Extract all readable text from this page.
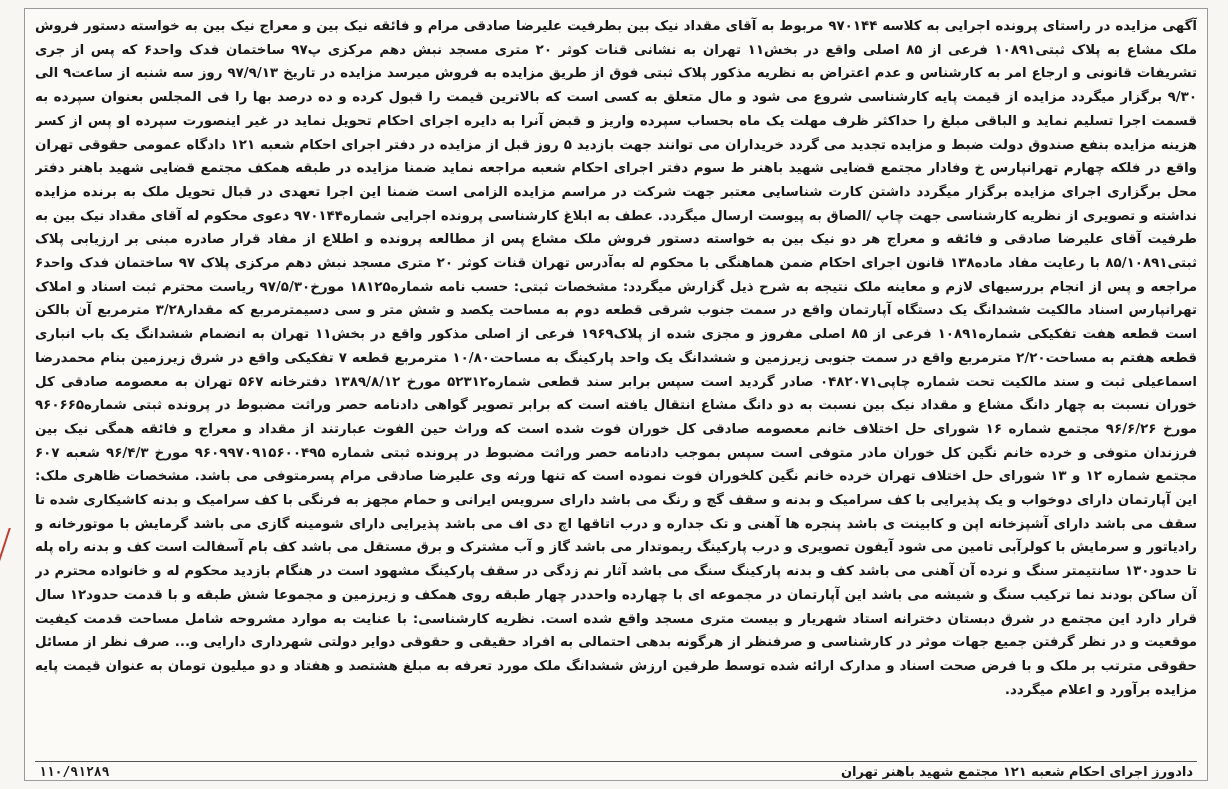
آگهی مزایده در راستای پرونده اجرایی به کلاسه ۹۷۰۱۴۴ مربوط به آقای مقداد نیک بین بطرفیت علیرضا صادقی مرام و فائقه نیک بین و معراج نیک بین به خواسته دستور فروش ملک مشاع به پلاک ثبتی۱۰۸۹۱ فرعی از ۸۵ اصلی واقع در بخش۱۱ تهران به نشانی قنات کوثر ۲۰ متری مسجد نبش دهم مرکزی پ۹۷ ساختمان فدک واحد۶ که پس از جری تشریفات قانونی و ارجاع امر به کارشناس و عدم اعتراض به نظریه مذکور پلاک ثبتی فوق از طریق مزایده به فروش میرسد مزایده در تاریخ ۹۷/۹/۱۳ روز سه شنبه از ساعت۹ الی ۹/۳۰ برگزار میگردد مزایده از قیمت پایه کارشناسی شروع می شود و مال متعلق به کسی است که بالاترین قیمت را قبول کرده و ده درصد بها را فی المجلس بعنوان سپرده به قسمت اجرا تسلیم نماید و الباقی مبلغ را حداکثر ظرف مهلت یک ماه بحساب سپرده واریز و قبض آنرا به دایره اجرای احکام تحویل نماید در غیر اینصورت سپرده او پس از کسر هزینه مزایده بنفع صندوق دولت ضبط و مزایده تجدید می گردد خریداران می توانند جهت بازدید ۵ روز قبل از مزایده در دفتر اجرای احکام شعبه ۱۲۱ دادگاه عمومی حقوقی تهران واقع در فلکه چهارم تهرانپارس خ وفادار مجتمع قضایی شهید باهنر ط سوم دفتر اجرای احکام شعبه مراجعه نماید ضمنا مزایده در طبقه همکف مجتمع قضایی شهید باهنر دفتر محل برگزاری اجرای مزایده برگزار میگردد داشتن کارت شناسایی معتبر جهت شرکت در مراسم مزایده الزامی است ضمنا این اجرا تعهدی در قبال تحویل ملک به برنده مزایده نداشته و تصویری از نظریه کارشناسی جهت چاپ /الصاق به پیوست ارسال میگردد. عطف به ابلاغ کارشناسی پرونده اجرایی شماره۹۷۰۱۴۴ دعوی محکوم له آقای مقداد نیک بین به طرفیت آقای علیرضا صادقی و فائقه و معراج هر دو نیک بین به خواسته دستور فروش ملک مشاع پس از مطالعه پرونده و اطلاع از مفاد قرار صادره مبنی بر ارزیابی پلاک ثبتی۸۵/۱۰۸۹۱ با رعایت مفاد ماده۱۳۸ قانون اجرای احکام ضمن هماهنگی با محکوم له به‌آدرس تهران قنات کوثر ۲۰ متری مسجد نبش دهم مرکزی پلاک ۹۷ ساختمان فدک واحد۶ مراجعه و پس از انجام بررسیهای لازم و معاینه ملک نتیجه به شرح ذیل گزارش میگردد: مشخصات ثبتی: حسب نامه شماره۱۸۱۲۵ مورخ۹۷/۵/۳۰ ریاست محترم ثبت اسناد و املاک تهرانپارس اسناد مالکیت ششدانگ یک دستگاه آپارتمان واقع در سمت جنوب شرقی قطعه دوم به مساحت یکصد و شش متر و سی دسیمترمربع که مقدار۳/۲۸ مترمربع آن بالکن است قطعه هفت تفکیکی شماره۱۰۸۹۱ فرعی از ۸۵ اصلی مفروز و مجزی شده از پلاک۱۹۶۹ فرعی از اصلی مذکور واقع در بخش۱۱ تهران به انضمام ششدانگ یک باب انباری قطعه هفتم به مساحت۲/۲۰ مترمربع واقع در سمت جنوبی زیرزمین و ششدانگ یک واحد پارکینگ به مساحت۱۰/۸۰ مترمربع قطعه ۷ تفکیکی واقع در شرق زیرزمین بنام محمدرضا اسماعیلی ثبت و سند مالکیت تحت شماره چاپی۰۴۸۲۰۷۱ صادر گردید است سپس برابر سند قطعی شماره۵۲۳۱۲ مورخ ۱۳۸۹/۸/۱۲ دفترخانه ۵۶۷ تهران به معصومه صادقی کل خوران نسبت به چهار دانگ مشاع و مقداد نیک بین نسبت به دو دانگ مشاع انتقال یافته است که برابر تصویر گواهی دادنامه حصر وراثت مضبوط در پرونده ثبتی شماره۹۶۰۶۶۵ مورخ ۹۶/۶/۲۶ مجتمع شماره ۱۶ شورای حل اختلاف خانم معصومه صادقی کل خوران فوت شده است که وراث حین الفوت عبارتند از مقداد و معراج و فائقه همگی نیک بین فرزندان متوفی و خرده خانم نگین کل خوران مادر متوفی است سپس بموجب دادنامه حصر وراثت مضبوط در پرونده ثبتی شماره ۹۶۰۹۹۷۰۹۱۵۶۰۰۴۹۵ مورخ ۹۶/۴/۳ شعبه ۶۰۷ مجتمع شماره ۱۲ و ۱۳ شورای حل اختلاف تهران خرده خانم نگین کلخوران فوت نموده است که تنها ورثه وی علیرضا صادقی مرام پسرمتوفی می باشد. مشخصات ظاهری ملک: این آپارتمان دارای دوخواب و یک پذیرایی با کف سرامیک و بدنه و سقف گچ و رنگ می باشد دارای سرویس ایرانی و حمام مجهز به فرنگی با کف سرامیک و بدنه کاشیکاری شده تا سقف می باشد دارای آشپزخانه اپن و کابینت ی باشد پنجره ها آهنی و تک جداره و درب اتاقها اچ دی اف می باشد پذیرایی دارای شومینه گازی می باشد گرمایش با موتورخانه و رادیاتور و سرمایش با کولرآبی تامین می شود آیفون تصویری و درب پارکینگ ریموتدار می باشد گاز و آب مشترک و برق مستقل می باشد کف بام آسفالت است کف و بدنه راه پله تا حدود۱۳۰ سانتیمتر سنگ و نرده آن آهنی می باشد کف و بدنه پارکینگ سنگ می باشد آثار نم زدگی در سقف پارکینگ مشهود است در هنگام بازدید محکوم له و خانواده محترم در آن ساکن بودند نما ترکیب سنگ و شیشه می باشد این آپارتمان در مجموعه ای با چهارده واحددر چهار طبقه روی همکف و زیرزمین و مجموعا شش طبقه و با قدمت حدود۱۲ سال قرار دارد این مجتمع در شرق دبستان دخترانه استاد شهریار و بیست متری مسجد واقع شده است. نظریه کارشناسی: با عنایت به موارد مشروحه شامل مساحت قدمت کیفیت موقعیت و در نظر گرفتن جمیع جهات موثر در کارشناسی و صرفنظر از هرگونه بدهی احتمالی به افراد حقیقی و حقوقی دوایر دولتی شهرداری دارایی و... صرف نظر از مسائل حقوقی مترتب بر ملک و با فرض صحت اسناد و مدارک ارائه شده توسط طرفین ارزش ششدانگ ملک مورد تعرفه به مبلغ هشتصد و هفتاد و دو میلیون تومان به عنوان قیمت پایه مزایده برآورد و اعلام میگردد.

دادورز اجرای احکام شعبه ۱۲۱ مجتمع شهید باهنر تهران
۱۱۰/۹۱۲۸۹
